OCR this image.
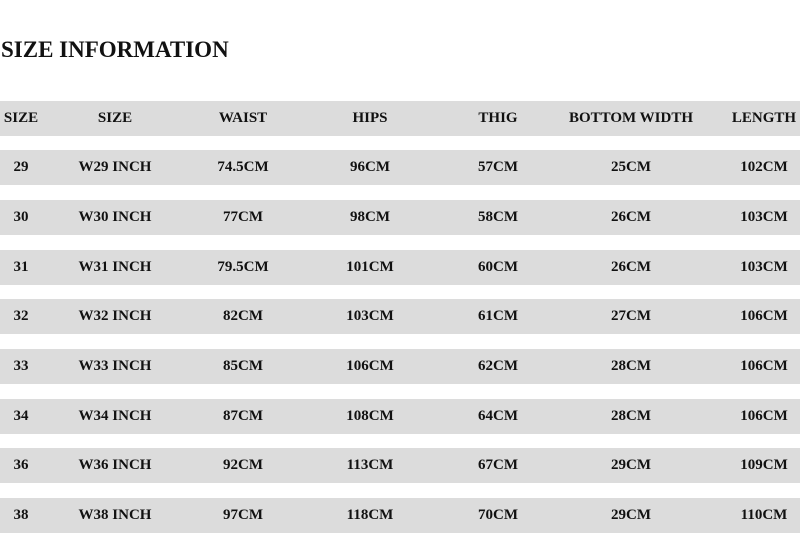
SIZE INFORMATION
SIZE	SIZE	WAIST	HIPS	THIG	BOTTOM WIDTH	LENGTH
29	W29 INCH	74.5CM	96CM	57CM	25CM	102CM
30	W30 INCH	77CM	98CM	58CM	26CM	103CM
31	W31 INCH	79.5CM	101CM	60CM	26CM	103CM
32	W32 INCH	82CM	103CM	61CM	27CM	106CM
33	W33 INCH	85CM	106CM	62CM	28CM	106CM
34	W34 INCH	87CM	108CM	64CM	28CM	106CM
36	W36 INCH	92CM	113CM	67CM	29CM	109CM
38	W38 INCH	97CM	118CM	70CM	29CM	110CM
